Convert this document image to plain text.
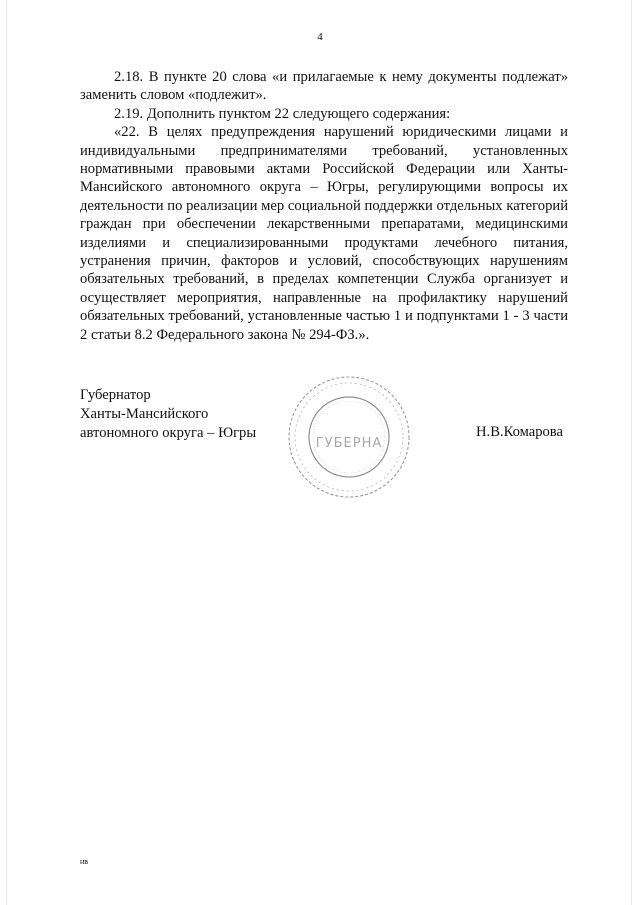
4

2.18. В пункте 20 слова «и прилагаемые к нему документы подлежат» заменить словом «подлежит».

2.19. Дополнить пунктом 22 следующего содержания:

«22. В целях предупреждения нарушений юридическими лицами и индивидуальными предпринимателями требований, установленных нормативными правовыми актами Российской Федерации или Ханты-Мансийского автономного округа – Югры, регулирующими вопросы их деятельности по реализации мер социальной поддержки отдельных категорий граждан при обеспечении лекарственными препаратами, медицинскими изделиями и специализированными продуктами лечебного питания, устранения причин, факторов и условий, способствующих нарушениям обязательных требований, в пределах компетенции Служба организует и осуществляет мероприятия, направленные на профилактику нарушений обязательных требований, установленные частью 1 и подпунктами 1 - 3 части 2 статьи 8.2 Федерального закона № 294-ФЗ.».

Губернатор
Ханты-Мансийского
автономного округа – Югры
ГУБЕРНА
Н.В.Комарова
нв
